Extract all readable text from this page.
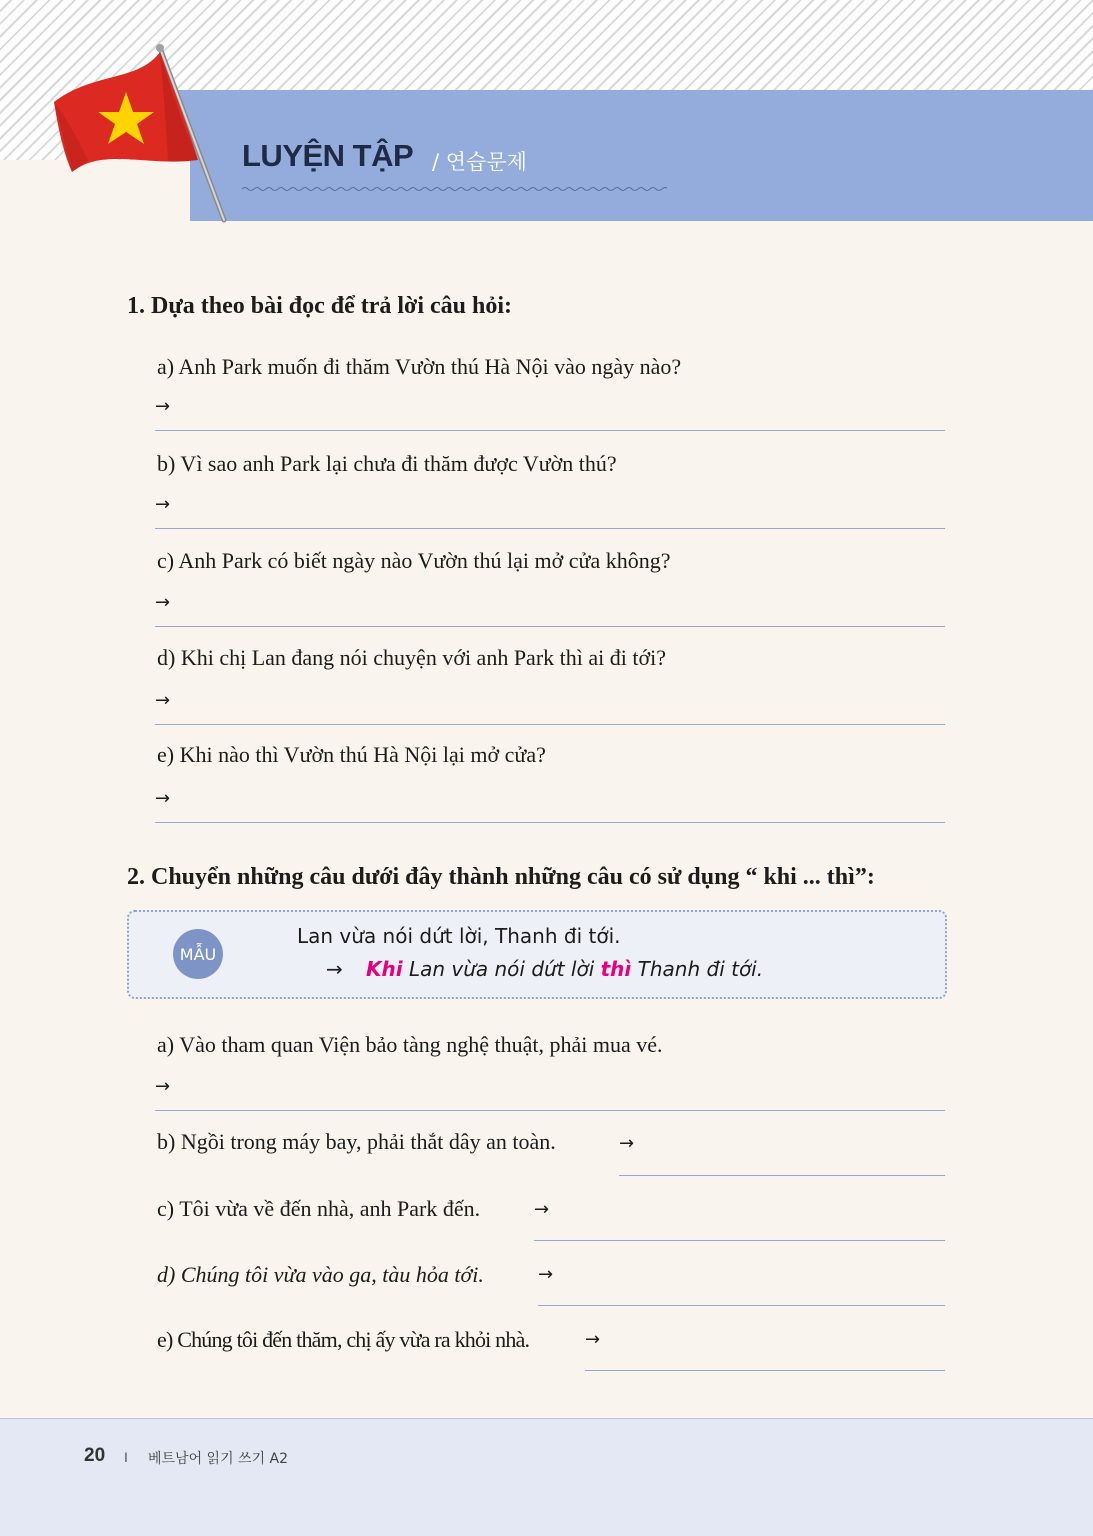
LUYỆN TẬP / 연습문제
1. Dựa theo bài đọc để trả lời câu hỏi:
a) Anh Park muốn đi thăm Vườn thú Hà Nội vào ngày nào?
→
b) Vì sao anh Park lại chưa đi thăm được Vườn thú?
→
c) Anh Park có biết ngày nào Vườn thú lại mở cửa không?
→
d) Khi chị Lan đang nói chuyện với anh Park thì ai đi tới?
→
e) Khi nào thì Vườn thú Hà Nội lại mở cửa?
→
2. Chuyển những câu dưới đây thành những câu có sử dụng “ khi ... thì”:
MẪU
Lan vừa nói dứt lời, Thanh đi tới.
→ Khi Lan vừa nói dứt lời thì Thanh đi tới.
a) Vào tham quan Viện bảo tàng nghệ thuật, phải mua vé.
→
b) Ngồi trong máy bay, phải thắt dây an toàn.	→
c) Tôi vừa về đến nhà, anh Park đến.	→
d) Chúng tôi vừa vào ga, tàu hỏa tới.	→
e) Chúng tôi đến thăm, chị ấy vừa ra khỏi nhà.	→
20 I 베트남어 읽기 쓰기 A2
